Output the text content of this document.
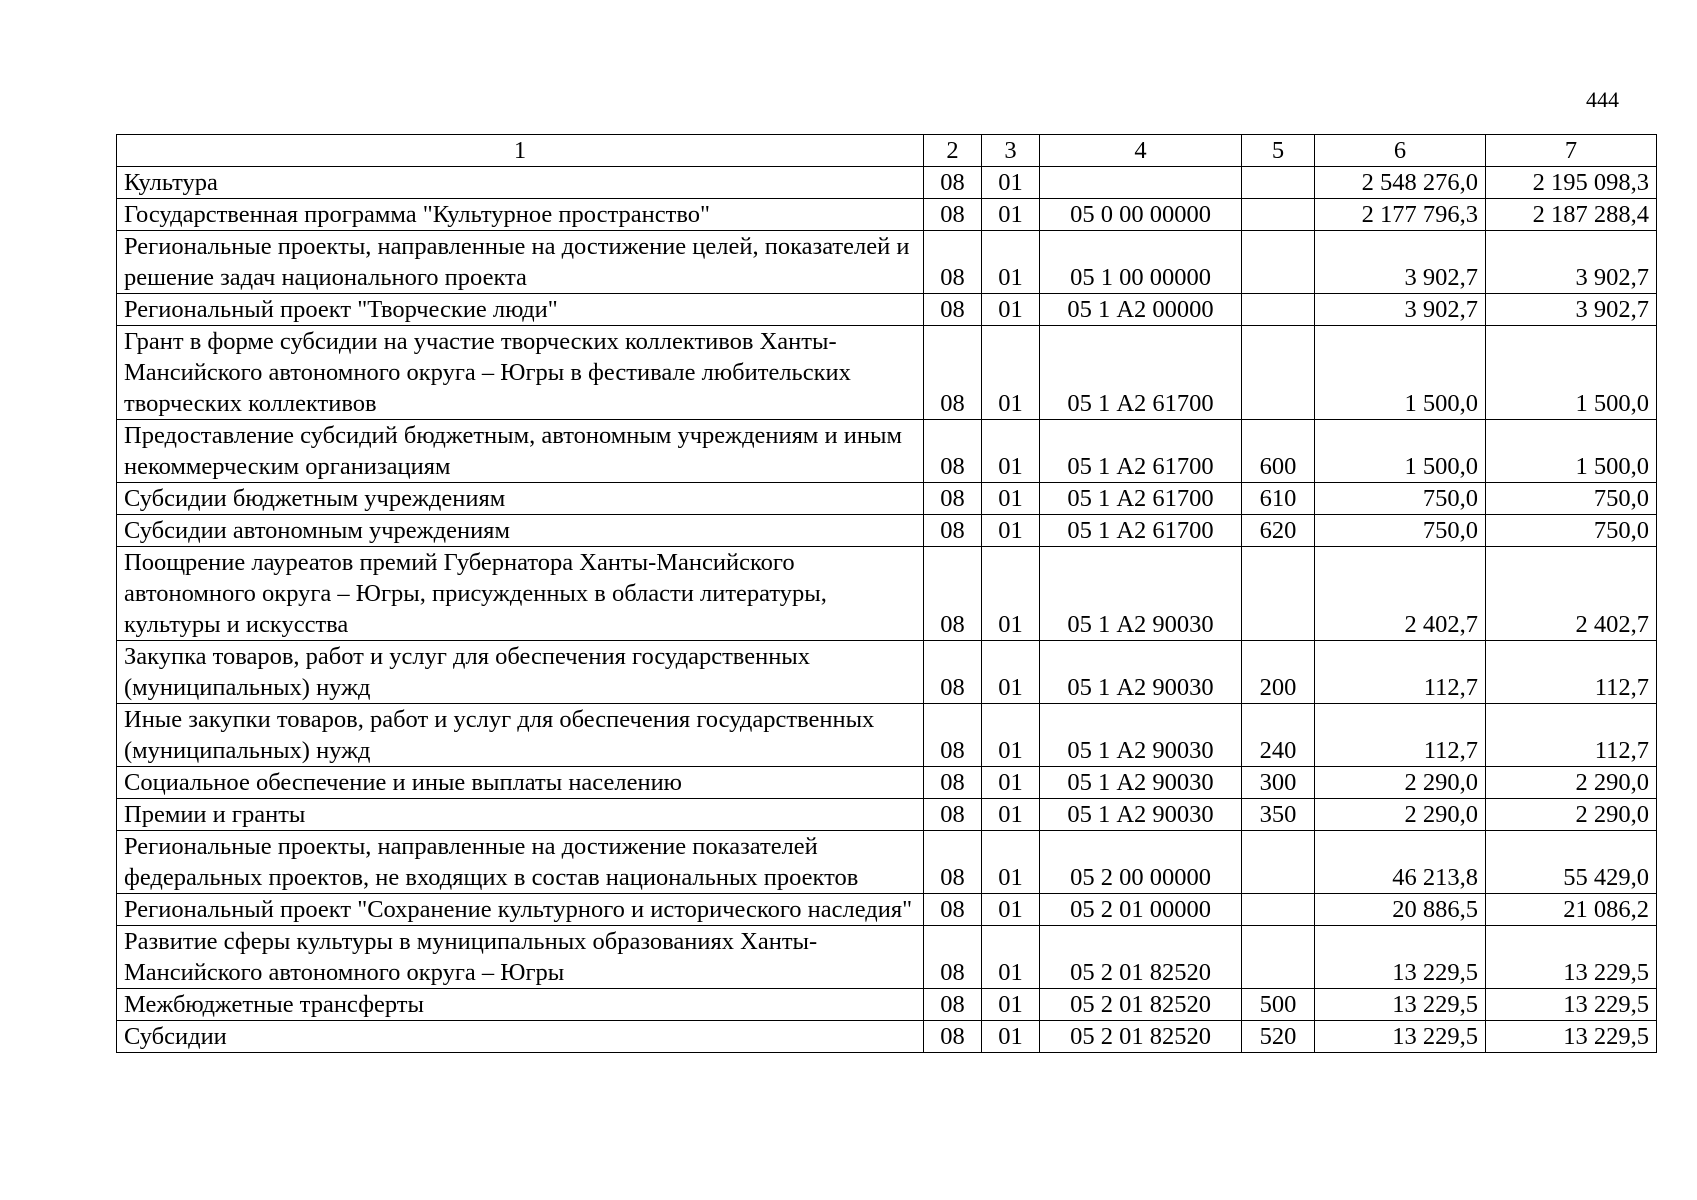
444
1	2	3	4	5	6	7
Культура	08	01			2 548 276,0	2 195 098,3
Государственная программа "Культурное пространство"	08	01	05 0 00 00000		2 177 796,3	2 187 288,4
Региональные проекты, направленные на достижение целей, показателей и решение задач национального проекта	08	01	05 1 00 00000		3 902,7	3 902,7
Региональный проект "Творческие люди"	08	01	05 1 А2 00000		3 902,7	3 902,7
Грант в форме субсидии на участие творческих коллективов Ханты-Мансийского автономного округа – Югры в фестивале любительских творческих коллективов	08	01	05 1 А2 61700		1 500,0	1 500,0
Предоставление субсидий бюджетным, автономным учреждениям и иным некоммерческим организациям	08	01	05 1 А2 61700	600	1 500,0	1 500,0
Субсидии бюджетным учреждениям	08	01	05 1 А2 61700	610	750,0	750,0
Субсидии автономным учреждениям	08	01	05 1 А2 61700	620	750,0	750,0
Поощрение лауреатов премий Губернатора Ханты-Мансийского автономного округа – Югры, присужденных в области литературы, культуры и искусства	08	01	05 1 А2 90030		2 402,7	2 402,7
Закупка товаров, работ и услуг для обеспечения государственных (муниципальных) нужд	08	01	05 1 А2 90030	200	112,7	112,7
Иные закупки товаров, работ и услуг для обеспечения государственных (муниципальных) нужд	08	01	05 1 А2 90030	240	112,7	112,7
Социальное обеспечение и иные выплаты населению	08	01	05 1 А2 90030	300	2 290,0	2 290,0
Премии и гранты	08	01	05 1 А2 90030	350	2 290,0	2 290,0
Региональные проекты, направленные на достижение показателей федеральных проектов, не входящих в состав национальных проектов	08	01	05 2 00 00000		46 213,8	55 429,0
Региональный проект "Сохранение культурного и исторического наследия"	08	01	05 2 01 00000		20 886,5	21 086,2
Развитие сферы культуры в муниципальных образованиях Ханты-Мансийского автономного округа – Югры	08	01	05 2 01 82520		13 229,5	13 229,5
Межбюджетные трансферты	08	01	05 2 01 82520	500	13 229,5	13 229,5
Субсидии	08	01	05 2 01 82520	520	13 229,5	13 229,5
